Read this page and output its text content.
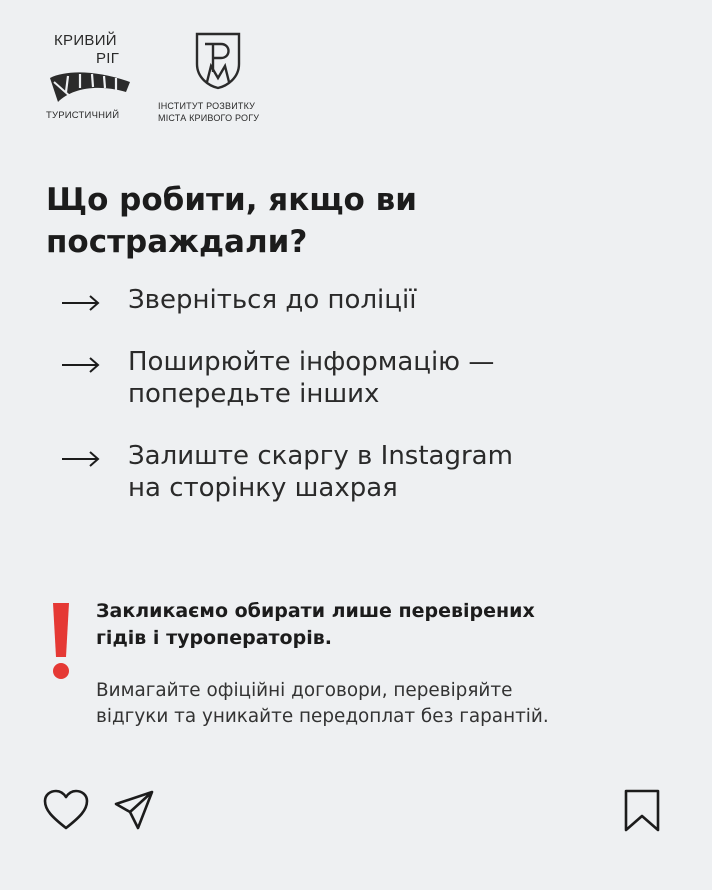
КРИВИЙ
РІГ
ТУРИСТИЧНИЙ
ІНСТИТУТ РОЗВИТКУ
МІСТА КРИВОГО РОГУ
Що робити, якщо ви постраждали?
Зверніться до поліції
Поширюйте інформацію —
попередьте інших
Залиште скаргу в Instagram
на сторінку шахрая
Закликаємо обирати лише перевірених
гідів і туроператорів.
Вимагайте офіційні договори, перевіряйте
відгуки та уникайте передоплат без гарантій.
